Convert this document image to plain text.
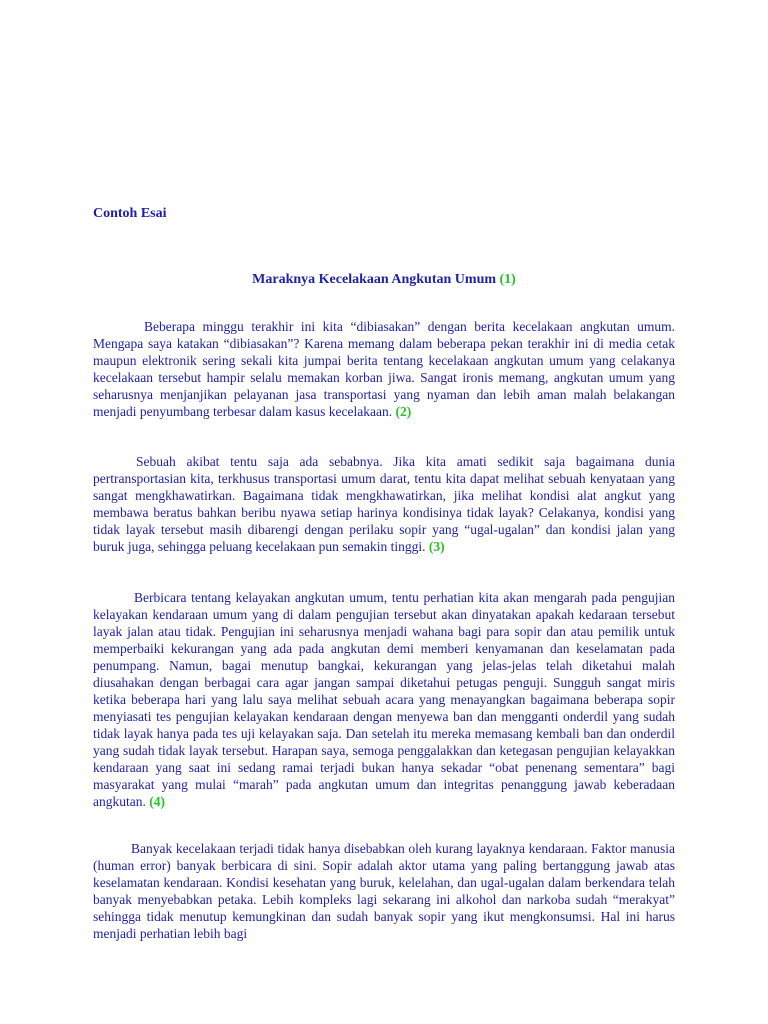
Contoh Esai
Maraknya Kecelakaan Angkutan Umum (1)

Beberapa minggu terakhir ini kita “dibiasakan” dengan berita kecelakaan angkutan umum. Mengapa saya katakan “dibiasakan”? Karena memang dalam beberapa pekan terakhir ini di media cetak maupun elektronik sering sekali kita jumpai berita tentang kecelakaan angkutan umum yang celakanya kecelakaan tersebut hampir selalu memakan korban jiwa. Sangat ironis memang, angkutan umum yang seharusnya menjanjikan pelayanan jasa transportasi yang nyaman dan lebih aman malah belakangan menjadi penyumbang terbesar dalam kasus kecelakaan. (2)

Sebuah akibat tentu saja ada sebabnya. Jika kita amati sedikit saja bagaimana dunia pertransportasian kita, terkhusus transportasi umum darat, tentu kita dapat melihat sebuah kenyataan yang sangat mengkhawatirkan. Bagaimana tidak mengkhawatirkan, jika melihat kondisi alat angkut yang membawa beratus bahkan beribu nyawa setiap harinya kondisinya tidak layak? Celakanya, kondisi yang tidak layak tersebut masih dibarengi dengan perilaku sopir yang “ugal-ugalan” dan kondisi jalan yang buruk juga, sehingga peluang kecelakaan pun semakin tinggi. (3)

Berbicara tentang kelayakan angkutan umum, tentu perhatian kita akan mengarah pada pengujian kelayakan kendaraan umum yang di dalam pengujian tersebut akan dinyatakan apakah kedaraan tersebut layak jalan atau tidak. Pengujian ini seharusnya menjadi wahana bagi para sopir dan atau pemilik untuk memperbaiki kekurangan yang ada pada angkutan demi memberi kenyamanan dan keselamatan pada penumpang. Namun, bagai menutup bangkai, kekurangan yang jelas-jelas telah diketahui malah diusahakan dengan berbagai cara agar jangan sampai diketahui petugas penguji. Sungguh sangat miris ketika beberapa hari yang lalu saya melihat sebuah acara yang menayangkan bagaimana beberapa sopir menyiasati tes pengujian kelayakan kendaraan dengan menyewa ban dan mengganti onderdil yang sudah tidak layak hanya pada tes uji kelayakan saja. Dan setelah itu mereka memasang kembali ban dan onderdil yang sudah tidak layak tersebut. Harapan saya, semoga penggalakkan dan ketegasan pengujian kelayakkan kendaraan yang saat ini sedang ramai terjadi bukan hanya sekadar “obat penenang sementara” bagi masyarakat yang mulai “marah” pada angkutan umum dan integritas penanggung jawab keberadaan angkutan. (4)

Banyak kecelakaan terjadi tidak hanya disebabkan oleh kurang layaknya kendaraan. Faktor manusia (human error) banyak berbicara di sini. Sopir adalah aktor utama yang paling bertanggung jawab atas keselamatan kendaraan. Kondisi kesehatan yang buruk, kelelahan, dan ugal-ugalan dalam berkendara telah banyak menyebabkan petaka. Lebih kompleks lagi sekarang ini alkohol dan narkoba sudah “merakyat” sehingga tidak menutup kemungkinan dan sudah banyak sopir yang ikut mengkonsumsi. Hal ini harus menjadi perhatian lebih bagi
